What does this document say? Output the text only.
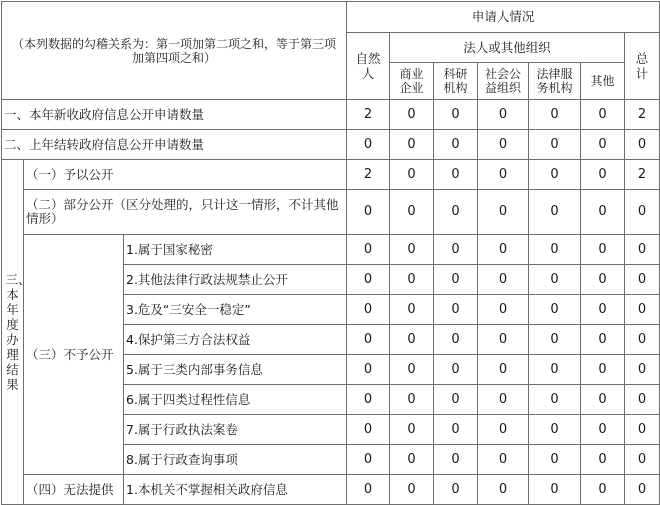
（本列数据的勾稽关系为：第一项加第二项之和，等于第三项加第四项之和）			申请人情况						
			自然人	法人或其他组织					总计
				商业企业	科研机构	社会公益组织	法律服务机构	其他	
一、本年新收政府信息公开申请数量			2	0	0	0	0	0	2
二、上年结转政府信息公开申请数量			0	0	0	0	0	0	0
三、本年度办理结果	（一）予以公开		2	0	0	0	0	0	2
	（二）部分公开（区分处理的，只计这一情形，不计其他情形）		0	0	0	0	0	0	0
	（三）不予公开	1.属于国家秘密	0	0	0	0	0	0	0
		2.其他法律行政法规禁止公开	0	0	0	0	0	0	0
		3.危及“三安全一稳定”	0	0	0	0	0	0	0
		4.保护第三方合法权益	0	0	0	0	0	0	0
		5.属于三类内部事务信息	0	0	0	0	0	0	0
		6.属于四类过程性信息	0	0	0	0	0	0	0
		7.属于行政执法案卷	0	0	0	0	0	0	0
		8.属于行政查询事项	0	0	0	0	0	0	0
	（四）无法提供	1.本机关不掌握相关政府信息	0	0	0	0	0	0	0
